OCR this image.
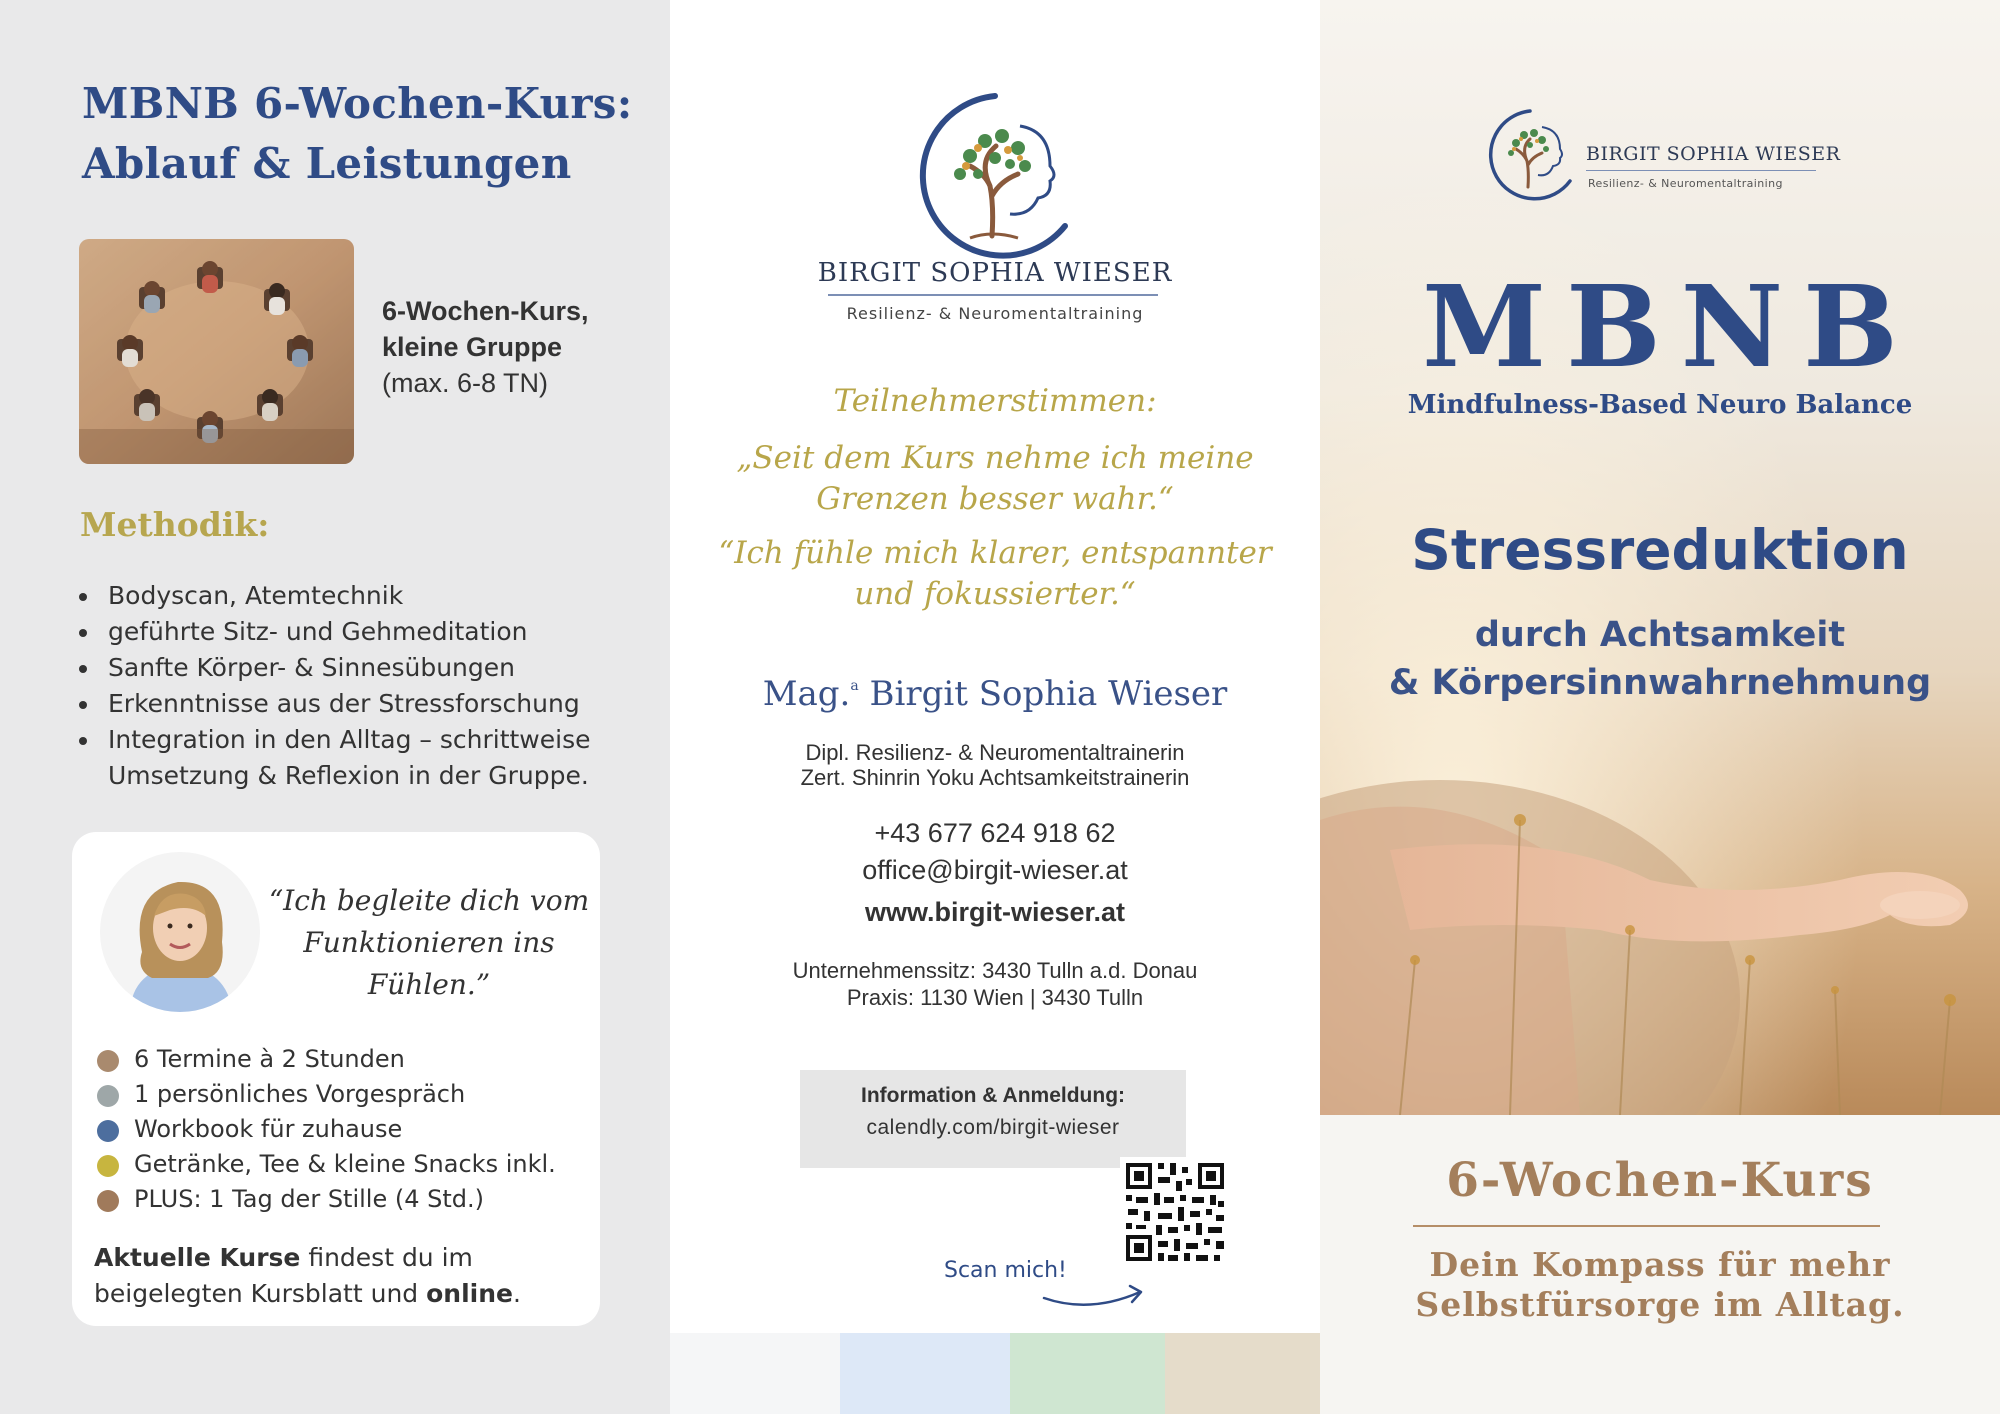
MBNB 6-Wochen-Kurs:
Ablauf & Leistungen
6-Wochen-Kurs,
kleine Gruppe
(max. 6-8 TN)
Methodik:
Bodyscan, Atemtechnik
geführte Sitz- und Gehmeditation
Sanfte Körper- & Sinnesübungen
Erkenntnisse aus der Stressforschung
Integration in den Alltag – schrittweise Umsetzung & Reflexion in der Gruppe.
“Ich begleite dich vom Funktionieren ins Fühlen.”
6 Termine à 2 Stunden
1 persönliches Vorgespräch
Workbook für zuhause
Getränke, Tee & kleine Snacks inkl.
PLUS: 1 Tag der Stille (4 Std.)
Aktuelle Kurse findest du im beigelegten Kursblatt und online.
BIRGIT SOPHIA WIESER
Resilienz- & Neuromentaltraining
Teilnehmerstimmen:
„Seit dem Kurs nehme ich meine Grenzen besser wahr.“
“Ich fühle mich klarer, entspannter und fokussierter.“
Mag.$^a$ Birgit Sophia Wieser
Dipl. Resilienz- & Neuromentaltrainerin
Zert. Shinrin Yoku Achtsamkeitstrainerin
+43 677 624 918 62
office@birgit-wieser.at
www.birgit-wieser.at
Unternehmenssitz: 3430 Tulln a.d. Donau
Praxis: 1130 Wien | 3430 Tulln
Information & Anmeldung:
calendly.com/birgit-wieser
Scan mich!
BIRGIT SOPHIA WIESER
Resilienz- & Neuromentaltraining
MBNB
Mindfulness-Based Neuro Balance
Stressreduktion
durch Achtsamkeit
& Körpersinnwahrnehmung
6-Wochen-Kurs
Dein Kompass für mehr
Selbstfürsorge im Alltag.
